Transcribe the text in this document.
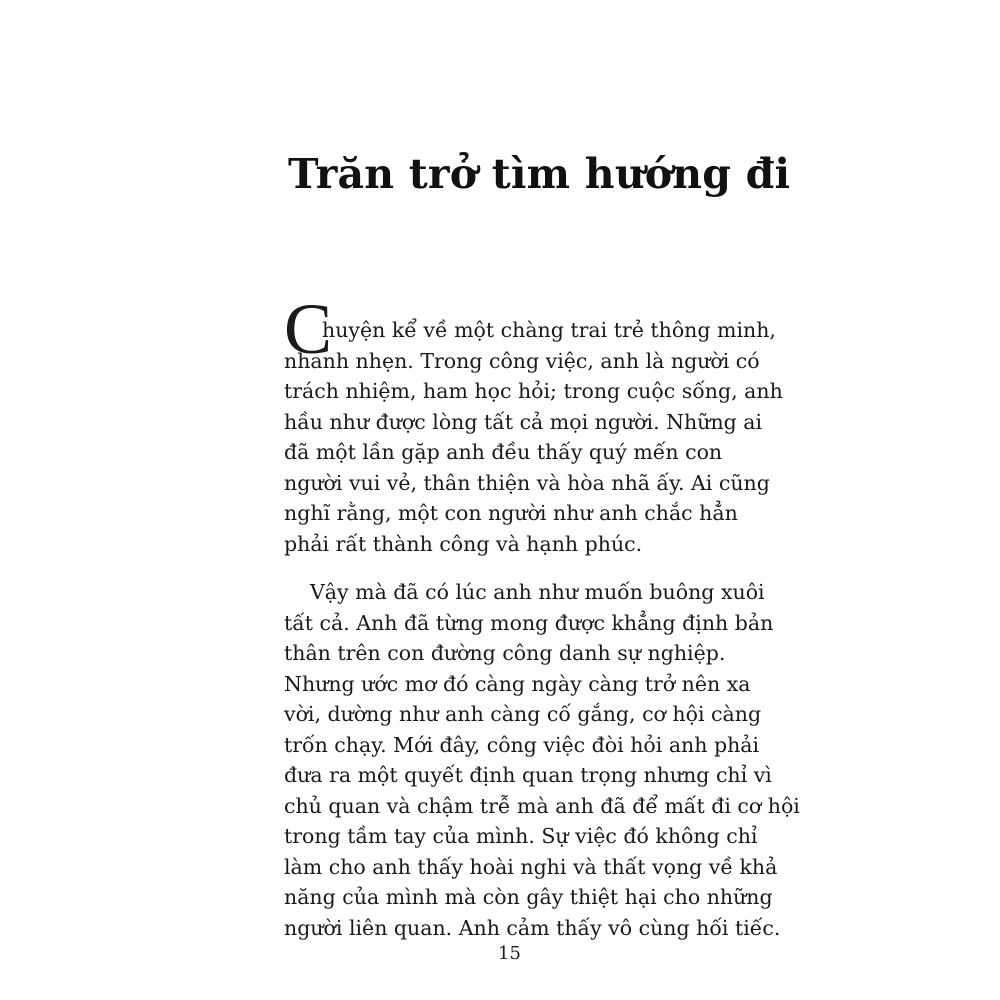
Trăn trở tìm hướng đi
C
huyện kể về một chàng trai trẻ thông minh,
nhanh nhẹn. Trong công việc, anh là người có
trách nhiệm, ham học hỏi; trong cuộc sống, anh
hầu như được lòng tất cả mọi người. Những ai
đã một lần gặp anh đều thấy quý mến con
người vui vẻ, thân thiện và hòa nhã ấy. Ai cũng
nghĩ rằng, một con người như anh chắc hẳn
phải rất thành công và hạnh phúc.
Vậy mà đã có lúc anh như muốn buông xuôi
tất cả. Anh đã từng mong được khẳng định bản
thân trên con đường công danh sự nghiệp.
Nhưng ước mơ đó càng ngày càng trở nên xa
vời, dường như anh càng cố gắng, cơ hội càng
trốn chạy. Mới đây, công việc đòi hỏi anh phải
đưa ra một quyết định quan trọng nhưng chỉ vì
chủ quan và chậm trễ mà anh đã để mất đi cơ hội
trong tầm tay của mình. Sự việc đó không chỉ
làm cho anh thấy hoài nghi và thất vọng về khả
năng của mình mà còn gây thiệt hại cho những
người liên quan. Anh cảm thấy vô cùng hối tiếc.
15
